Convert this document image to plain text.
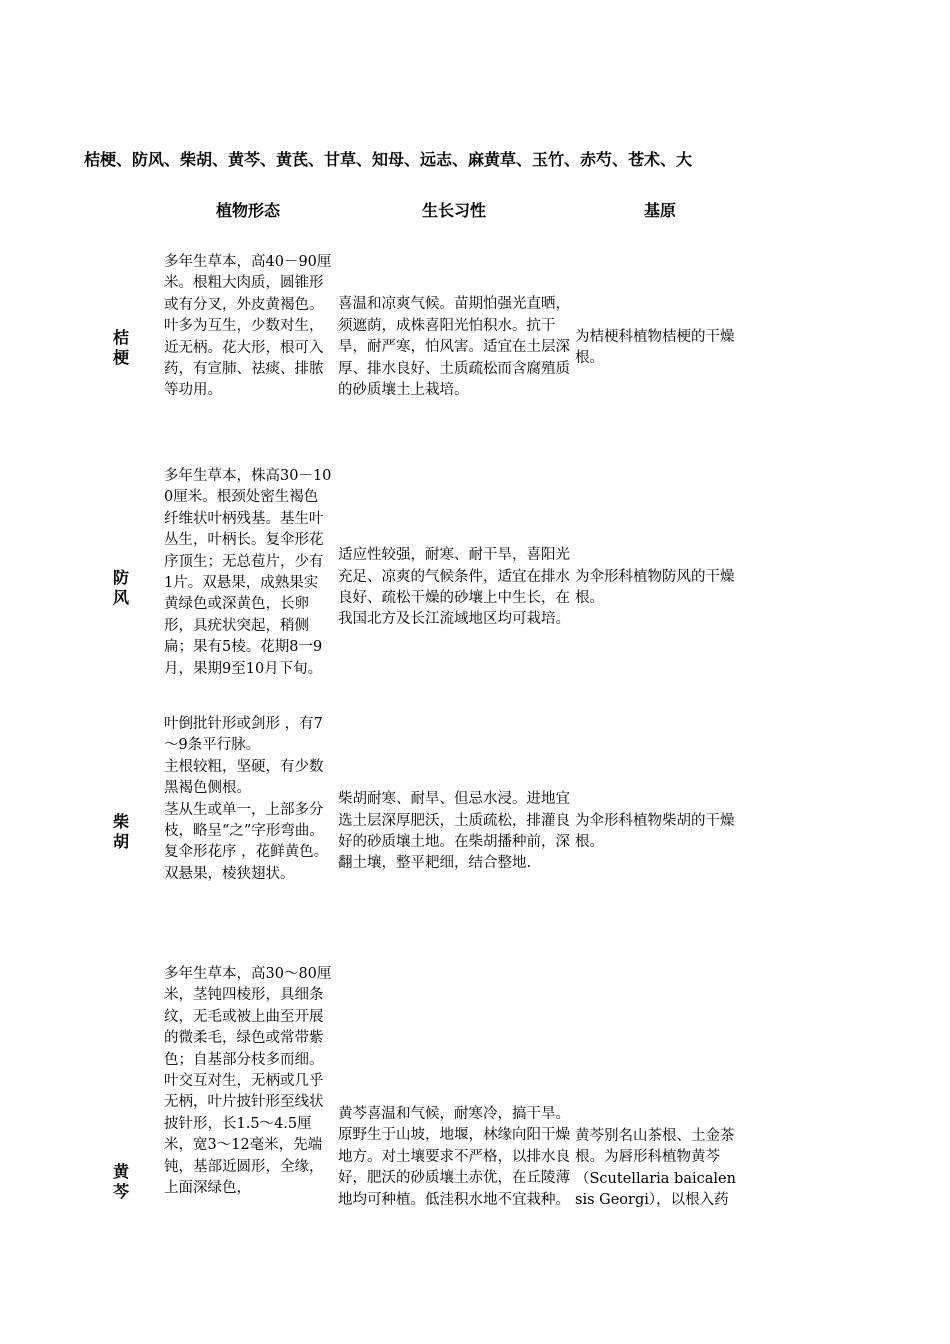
桔梗、防风、柴胡、黄芩、黄芪、甘草、知母、远志、麻黄草、玉竹、赤芍、苍术、大
植物形态	生长习性	基原
桔
梗
多年生草本，高40－90厘米。根粗大肉质，圆锥形或有分叉，外皮黄褐色。叶多为互生，少数对生，近无柄。花大形，根可入药，有宣肺、祛痰、排脓等功用。
喜温和凉爽气候。苗期怕强光直晒，须遮荫，成株喜阳光怕积水。抗干旱，耐严寒，怕风害。适宜在土层深厚、排水良好、土质疏松而含腐殖质的砂质壤土上栽培。
为桔梗科植物桔梗的干燥根。
防
风
多年生草本，株高30－100厘米。根颈处密生褐色纤维状叶柄残基。基生叶丛生，叶柄长。复伞形花序顶生；无总苞片，少有1片。双悬果，成熟果实黄绿色或深黄色，长卵形，具疣状突起，稍侧扁；果有5棱。花期8一9月，果期9至10月下旬。
适应性较强，耐寒、耐干旱，喜阳光充足、凉爽的气候条件，适宜在排水良好、疏松干燥的砂壤上中生长，在我国北方及长江流域地区均可栽培。
为伞形科植物防风的干燥根。
柴
胡
叶倒批针形或剑形 ，有7～9条平行脉。
主根较粗，坚硬，有少数黑褐色侧根。
茎从生或单一，上部多分枝，略呈“之”字形弯曲。
复伞形花序 ，花鲜黄色。双悬果，棱狭翅状。
柴胡耐寒、耐旱、但忌水浸。进地宜选土层深厚肥沃，土质疏松，排灌良好的砂质壤土地。在柴胡播种前，深翻土壤，整平耙细，结合整地.
为伞形科植物柴胡的干燥根。
黄
芩
多年生草本，高30～80厘米，茎钝四棱形，具细条纹，无毛或被上曲至开展的微柔毛，绿色或常带紫色；自基部分枝多而细。叶交互对生，无柄或几乎无柄，叶片披针形至线状披针形，长1.5～4.5厘米，宽3～12毫米，先端钝，基部近圆形，全缘，上面深绿色，
黄芩喜温和气候，耐寒冷，搞干旱。原野生于山坡，地堰，林缘向阳干燥地方。对土壤要求不严格，以排水良好，肥沃的砂质壤土赤优，在丘陵薄地均可种植。低洼积水地不宜栽种。
黄芩别名山茶根、土金茶根。为唇形科植物黄芩（Scutellaria baicalensis Georgi），以根入药
